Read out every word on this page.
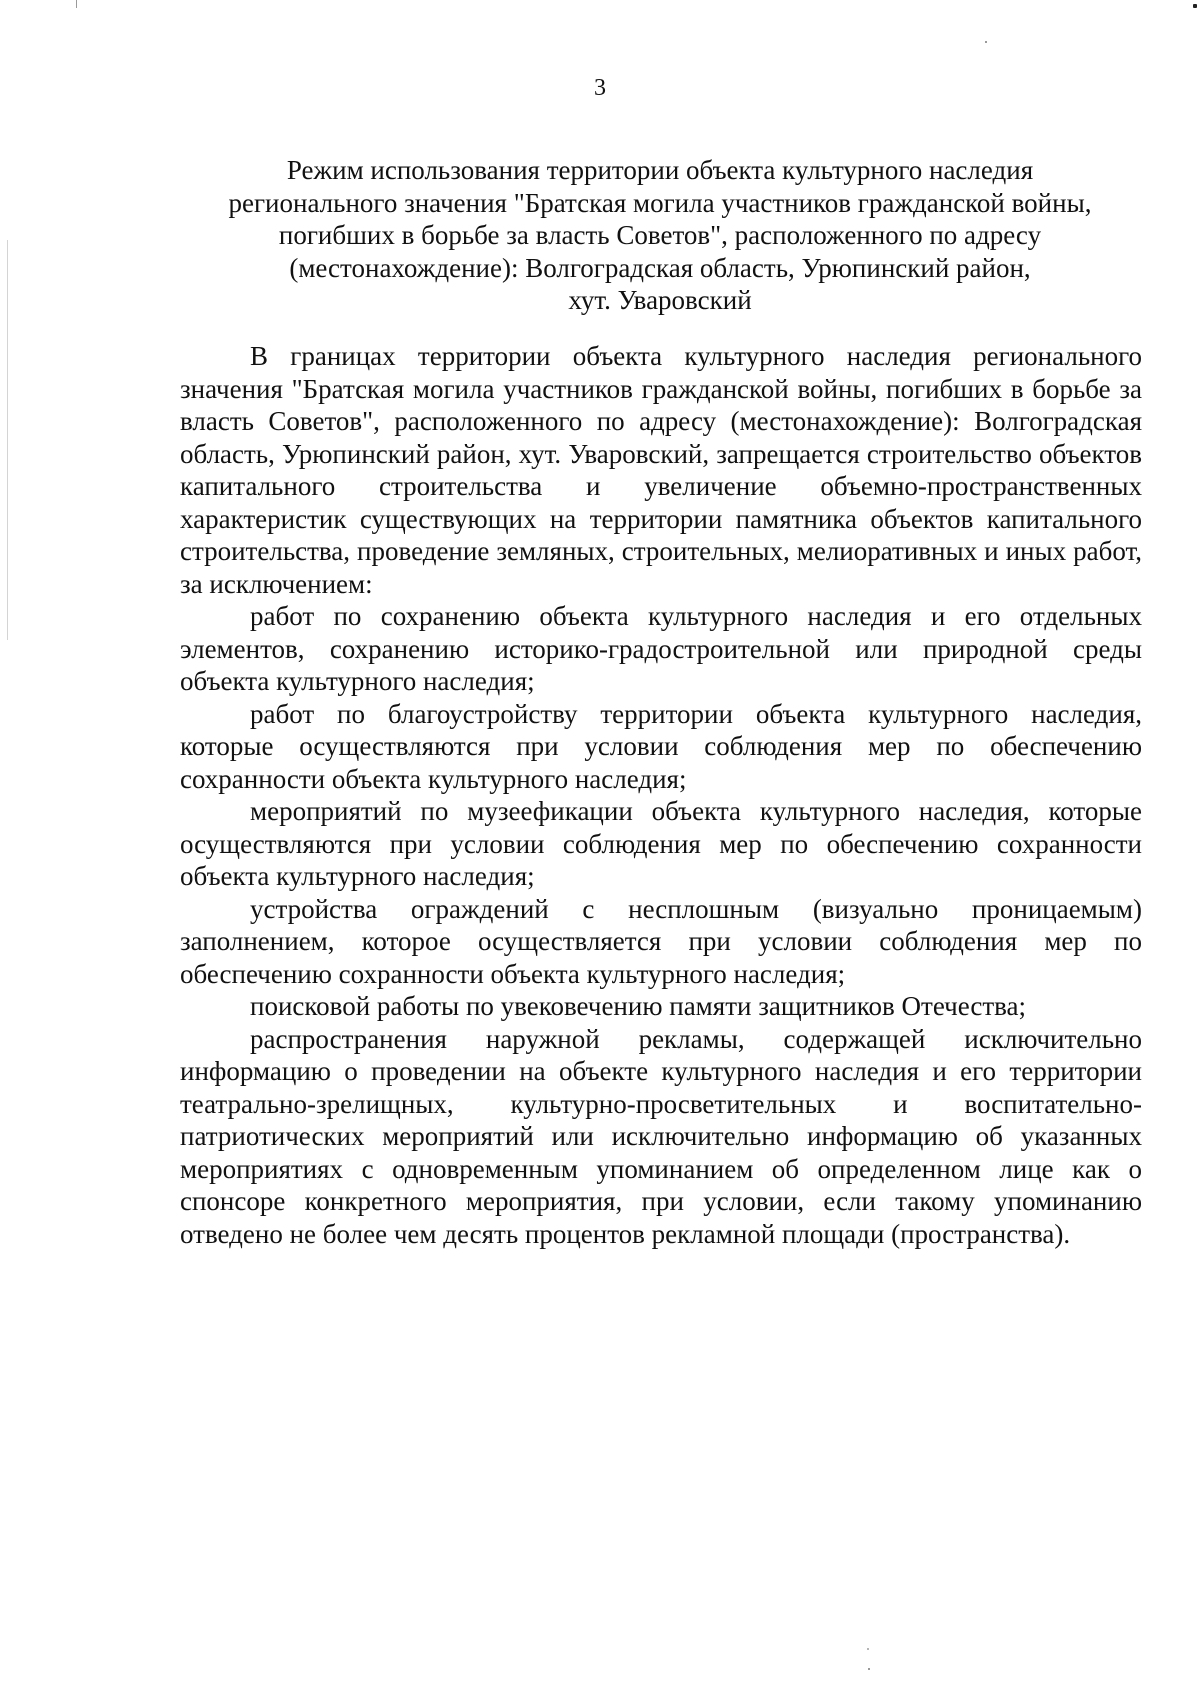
3
Режим использования территории объекта культурного наследия
регионального значения "Братская могила участников гражданской войны,
погибших в борьбе за власть Советов", расположенного по адресу
(местонахождение): Волгоградская область, Урюпинский район,
хут. Уваровский

В границах территории объекта культурного наследия регионального значения "Братская могила участников гражданской войны, погибших в борьбе за власть Советов", расположенного по адресу (местонахождение): Волгоградская область, Урюпинский район, хут. Уваровский, запрещается строительство объектов капитального строительства и увеличение объемно-пространственных характеристик существующих на территории памятника объектов капитального строительства, проведение земляных, строительных, мелиоративных и иных работ, за исключением:

работ по сохранению объекта культурного наследия и его отдельных элементов, сохранению историко-градостроительной или природной среды объекта культурного наследия;

работ по благоустройству территории объекта культурного наследия, которые осуществляются при условии соблюдения мер по обеспечению сохранности объекта культурного наследия;

мероприятий по музеефикации объекта культурного наследия, которые осуществляются при условии соблюдения мер по обеспечению сохранности объекта культурного наследия;

устройства ограждений с несплошным (визуально проницаемым) заполнением, которое осуществляется при условии соблюдения мер по обеспечению сохранности объекта культурного наследия;

поисковой работы по увековечению памяти защитников Отечества;

распространения наружной рекламы, содержащей исключительно информацию о проведении на объекте культурного наследия и его территории театрально-зрелищных, культурно-просветительных и воспитательно-патриотических мероприятий или исключительно информацию об указанных мероприятиях с одновременным упоминанием об определенном лице как о спонсоре конкретного мероприятия, при условии, если такому упоминанию отведено не более чем десять процентов рекламной площади (пространства).
